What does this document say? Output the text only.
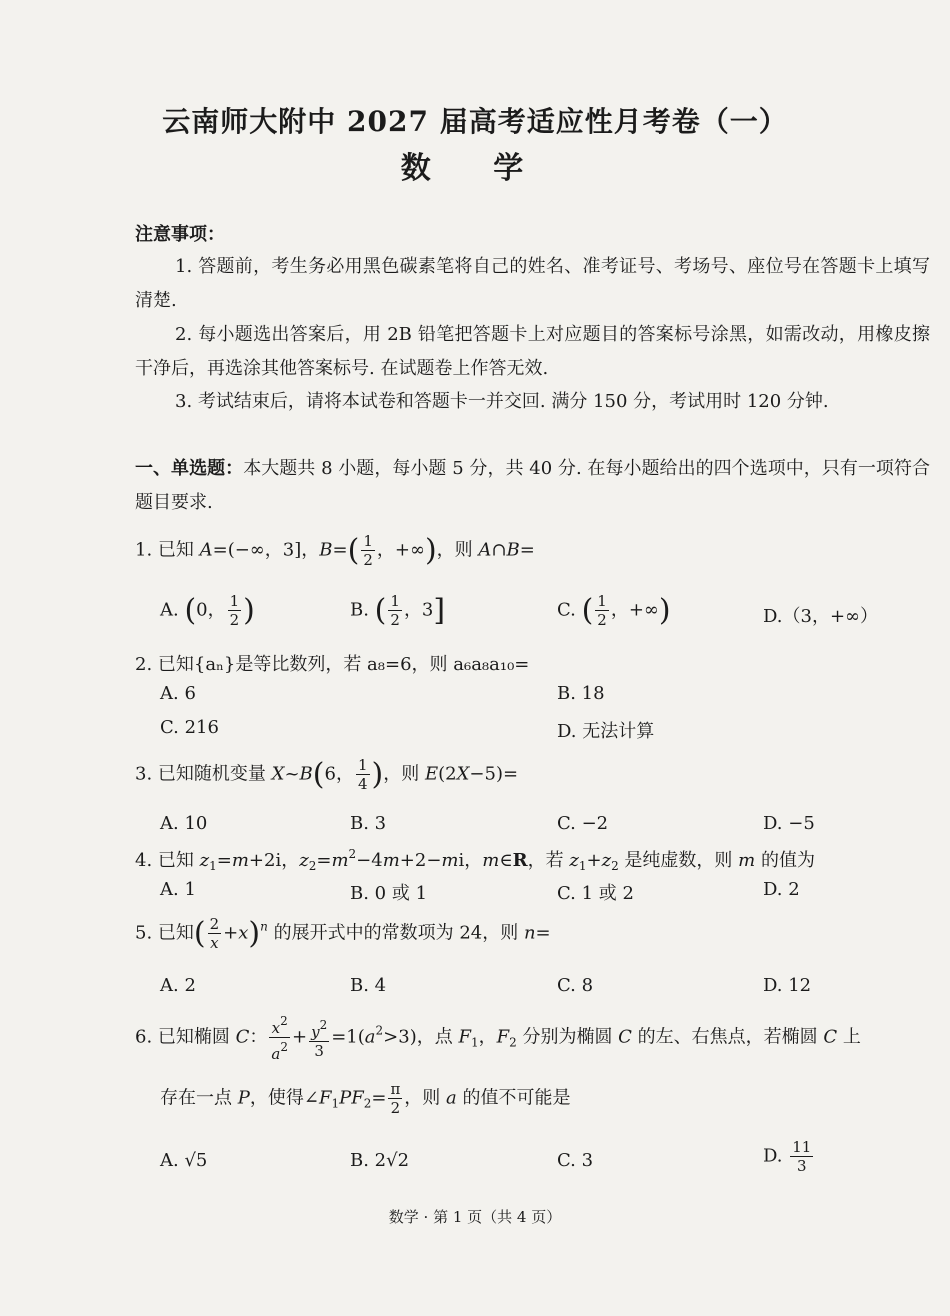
云南师大附中 2027 届高考适应性月考卷（一）
数 学
注意事项：
1. 答题前，考生务必用黑色碳素笔将自己的姓名、准考证号、考场号、座位号在答题卡上填写清楚.
2. 每小题选出答案后，用 2B 铅笔把答题卡上对应题目的答案标号涂黑，如需改动，用橡皮擦干净后，再选涂其他答案标号. 在试题卷上作答无效.
3. 考试结束后，请将本试卷和答题卡一并交回. 满分 150 分，考试用时 120 分钟.
一、单选题：本大题共 8 小题，每小题 5 分，共 40 分. 在每小题给出的四个选项中，只有一项符合题目要求.
1. 已知 A=(−∞，3]，$B=( \frac{1}{2}$ ，+∞)，则 A∩B=
A. (0， $\frac{1}{2}$ )	B. ( $\frac{1}{2}$ ，3]	C. ( $\frac{1}{2}$ ，+∞)	D.（3，+∞）
2. 已知{aₙ}是等比数列，若 a₈=6，则 a₆a₈a₁₀=
A. 6	B. 18
C. 216	D. 无法计算
3. 已知随机变量 X~B(6， $\frac{1}{4}$ )，则 E(2X−5)=
A. 10	B. 3	C. −2	D. −5
4. 已知 $z_1=m+2i$，$z_2=m^2-4m+2-mi$，m∈R，若 $z_1+z_2$ 是纯虚数，则 m 的值为
A. 1	B. 0 或 1	C. 1 或 2	D. 2
5. 已知( $\frac{2}{x} +x)^n$ 的展开式中的常数项为 24，则 n=
A. 2	B. 4	C. 8	D. 12
6. 已知椭圆 C： $\frac{x^2}{a^2} + \frac{y^2}{3} =1(a^2>3)$，点 $F_1$，$F_2$ 分别为椭圆 C 的左、右焦点，若椭圆 C 上
存在一点 P，使得$\angle F_1PF_2= \frac{\pi}{2}$ ，则 a 的值不可能是
A. √5	B. 2√2	C. 3	D. $\frac{11}{3}$
数学 · 第 1 页（共 4 页）
